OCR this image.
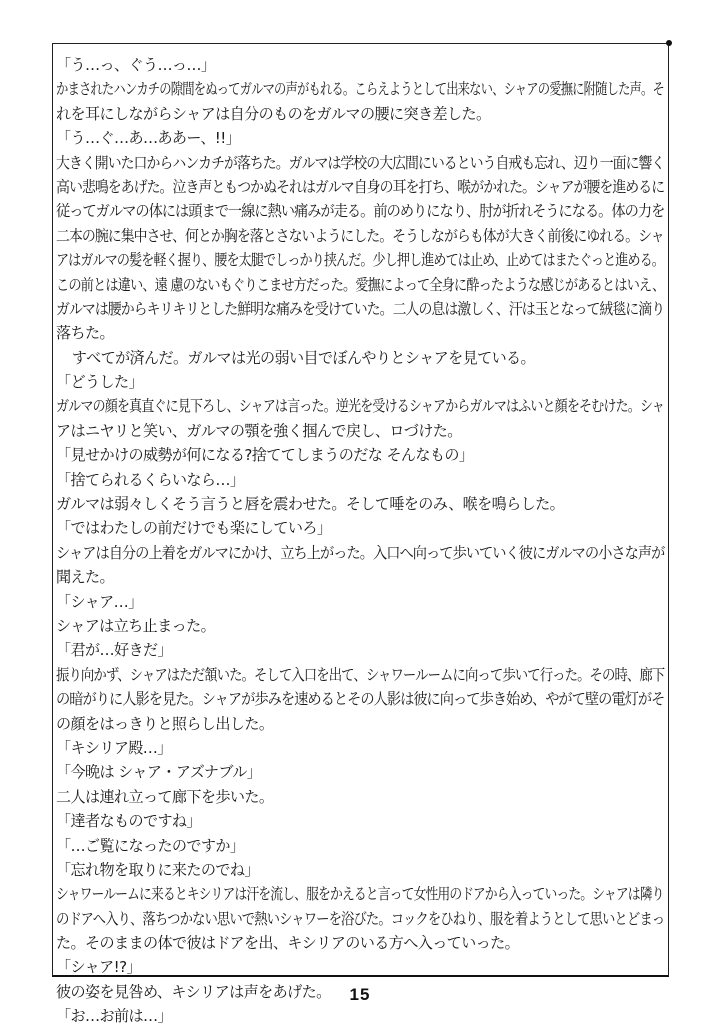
「う…っ、ぐう…っ…」
かまされたハンカチの隙間をぬってガルマの声がもれる。こらえようとして出来ない、シャアの愛撫に附随した声。そ
れを耳にしながらシャアは自分のものをガルマの腰に突き差した。
「う…ぐ…あ…ああー、!!」
大きく開いた口からハンカチが落ちた。ガルマは学校の大広間にいるという自戒も忘れ、辺り一面に響く
高い悲鳴をあげた。泣き声ともつかぬそれはガルマ自身の耳を打ち、喉がかれた。シャアが腰を進めるに
従ってガルマの体には頭まで一線に熱い痛みが走る。前のめりになり、肘が折れそうになる。体の力を
二本の腕に集中させ、何とか胸を落とさないようにした。そうしながらも体が大きく前後にゆれる。シャ
アはガルマの髪を軽く握り、腰を太腿でしっかり挟んだ。少し押し進めては止め、止めてはまたぐっと進める。
この前とは違い、遠 慮のないもぐりこませ方だった。愛撫によって全身に酔ったような感じがあるとはいえ、
ガルマは腰からキリキリとした鮮明な痛みを受けていた。二人の息は激しく、汗は玉となって絨毯に滴り
落ちた。
すべてが済んだ。ガルマは光の弱い目でぼんやりとシャアを見ている。
「どうした」
ガルマの顔を真直ぐに見下ろし、シャアは言った。逆光を受けるシャアからガルマはふいと顔をそむけた。シャ
アはニヤリと笑い、ガルマの顎を強く掴んで戻し、ロづけた。
「見せかけの威勢が何になる?捨ててしまうのだな そんなもの」
「捨てられるくらいなら…」
ガルマは弱々しくそう言うと唇を震わせた。そして唾をのみ、喉を鳴らした。
「ではわたしの前だけでも楽にしていろ」
シャアは自分の上着をガルマにかけ、立ち上がった。入口へ向って歩いていく彼にガルマの小さな声が
聞えた。
「シャア…」
シャアは立ち止まった。
「君が…好きだ」
振り向かず、シャアはただ頷いた。そして入口を出て、シャワールームに向って歩いて行った。その時、廊下
の暗がりに人影を見た。シャアが歩みを速めるとその人影は彼に向って歩き始め、やがて壁の電灯がそ
の顔をはっきりと照らし出した。
「キシリア殿…」
「今晩は シャア・アズナブル」
二人は連れ立って廊下を歩いた。
「達者なものですね」
「…ご覧になったのですか」
「忘れ物を取りに来たのでね」
シャワールームに来るとキシリアは汗を流し、服をかえると言って女性用のドアから入っていった。シャアは隣り
のドアへ入り、落ちつかない思いで熱いシャワーを浴びた。コックをひねり、服を着ようとして思いとどまっ
た。そのままの体で彼はドアを出、キシリアのいる方へ入っていった。
「シャア!?」
彼の姿を見咎め、キシリアは声をあげた。
「お…お前は…」
15
